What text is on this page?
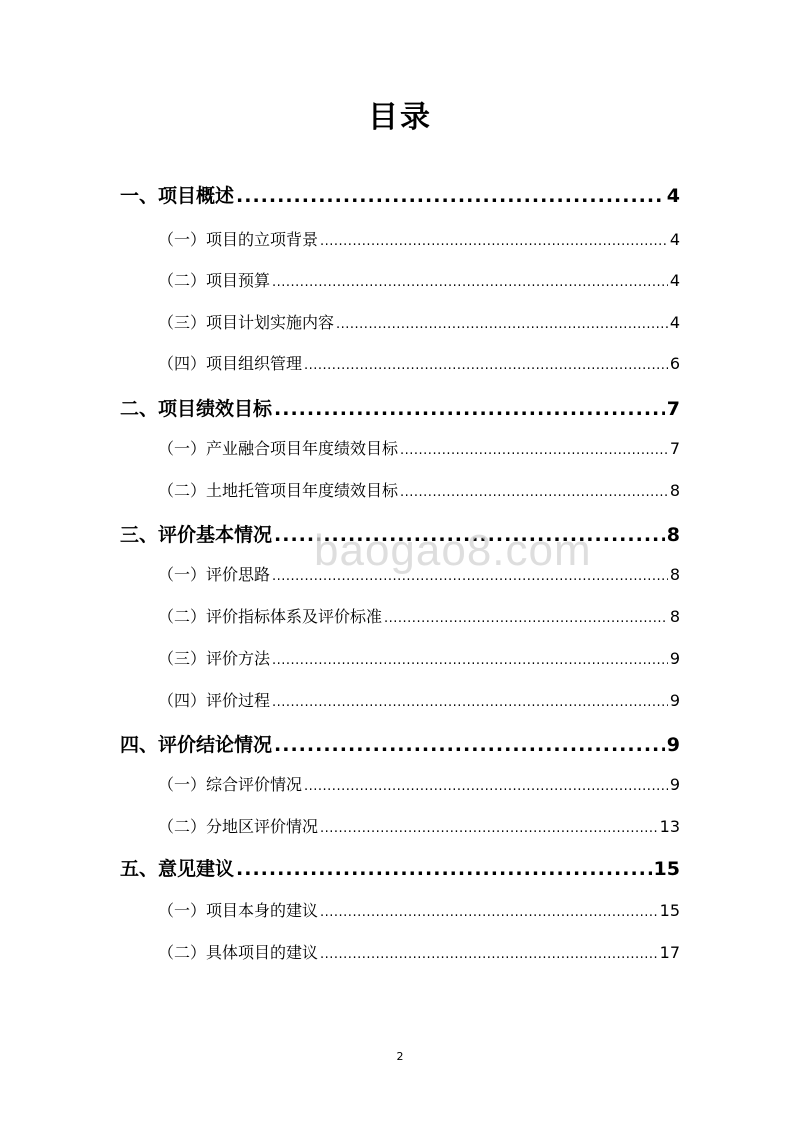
目录
一、项目概述 .....	4
（一）项目的立项背景 .....	4
（二）项目预算 .....	4
（三）项目计划实施内容 .....	4
（四）项目组织管理 .....	6
二、项目绩效目标 .....	7
（一）产业融合项目年度绩效目标 .....	7
（二）土地托管项目年度绩效目标 .....	8
三、评价基本情况 .....	8
（一）评价思路 .....	8
（二）评价指标体系及评价标准 .....	8
（三）评价方法 .....	9
（四）评价过程 .....	9
四、评价结论情况 .....	9
（一）综合评价情况 .....	9
（二）分地区评价情况 .....	13
五、意见建议 .....	15
（一）项目本身的建议 .....	15
（二）具体项目的建议 .....	17
baogao8.com
2
